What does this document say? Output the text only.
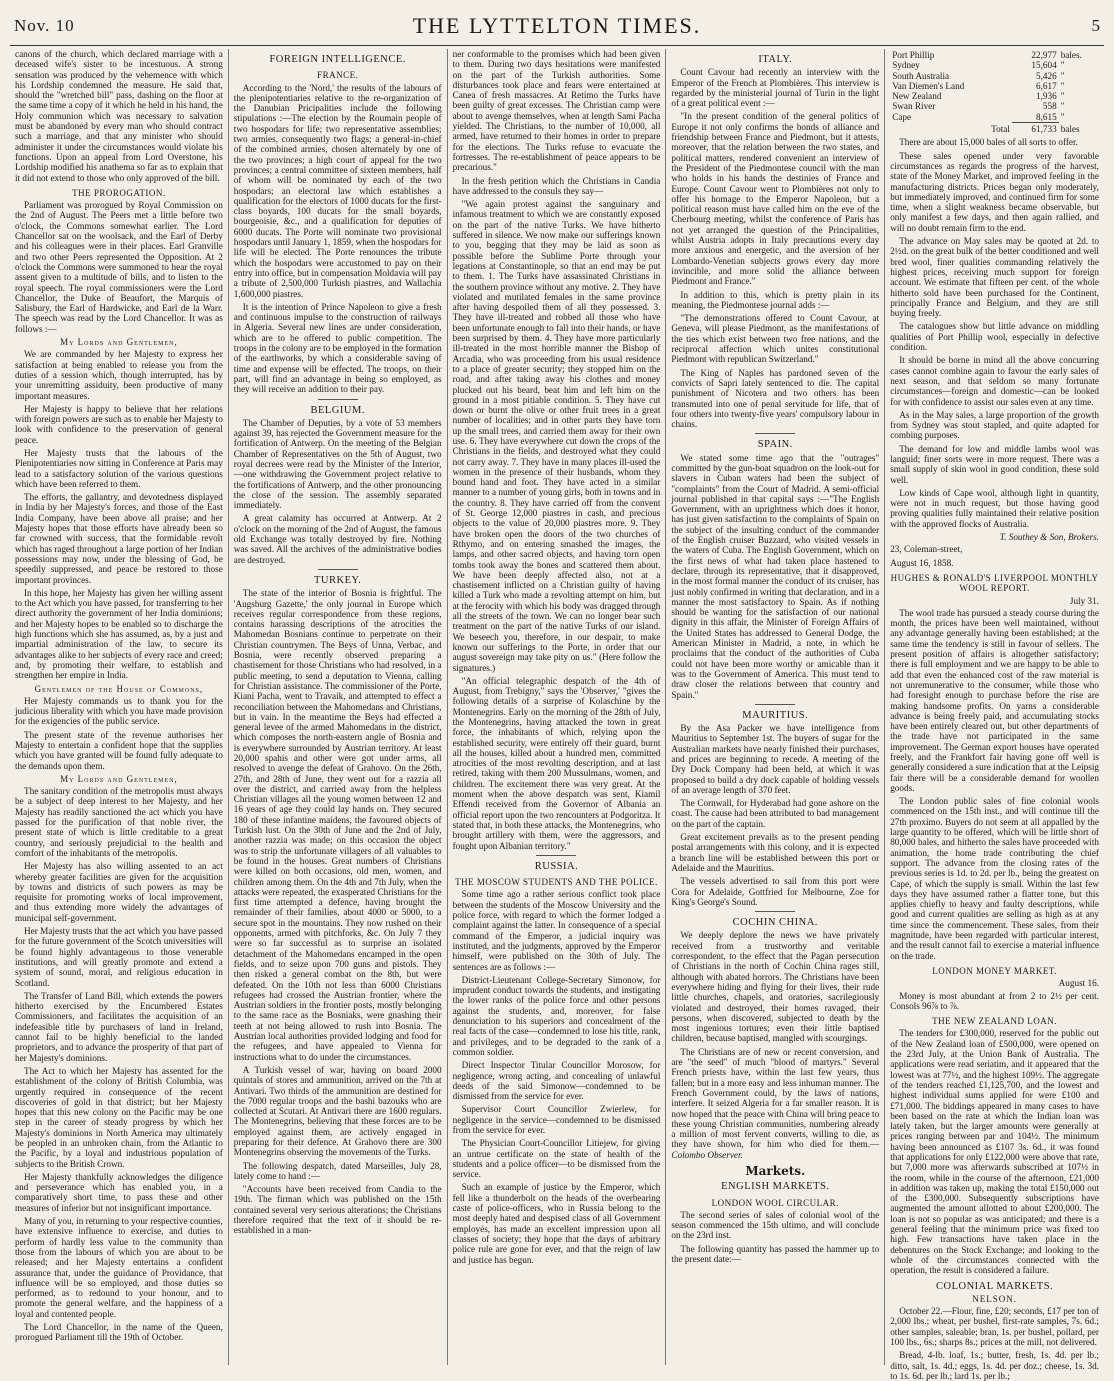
Nov. 10	THE LYTTELTON TIMES.	5

canons of the church, which declared marriage with a deceased wife's sister to be incestuous. A strong sensation was produced by the vehemence with which his Lordship condemned the measure. He said that, should the "wretched bill" pass, dashing on the floor at the same time a copy of it which he held in his hand, the Holy communion which was necessary to salvation must be abandoned by every man who should contract such a marriage, and that any minister who should administer it under the circumstances would violate his functions. Upon an appeal from Lord Overstone, his Lordship modified his anathema so far as to explain that it did not extend to those who only approved of the bill.

THE PROROGATION.

Parliament was prorogued by Royal Commission on the 2nd of August. The Peers met a little before two o'clock, the Commons somewhat earlier. The Lord Chancellor sat on the woolsack, and the Earl of Derby and his colleagues were in their places. Earl Granville and two other Peers represented the Opposition. At 2 o'clock the Commons were summoned to hear the royal assent given to a multitude of bills, and to listen to the royal speech. The royal commissioners were the Lord Chancellor, the Duke of Beaufort, the Marquis of Salisbury, the Earl of Hardwicke, and Earl de la Warr. The speech was read by the Lord Chancellor. It was as follows :—

My Lords and Gentlemen,

We are commanded by her Majesty to express her satisfaction at being enabled to release you from the duties of a session which, though interrupted, has by your unremitting assiduity, been productive of many important measures.

Her Majesty is happy to believe that her relations with foreign powers are such as to enable her Majesty to look with confidence to the preservation of general peace.

Her Majesty trusts that the labours of the Plenipotentiaries now sitting in Conference at Paris may lead to a satisfactory solution of the various questions which have been referred to them.

The efforts, the gallantry, and devotedness displayed in India by her Majesty's forces, and those of the East India Company, have been above all praise; and her Majesty hopes that those efforts have already been so far crowned with success, that the formidable revolt which has raged throughout a large portion of her Indian possessions may now, under the blessing of God, be speedily suppressed, and peace be restored to those important provinces.

In this hope, her Majesty has given her willing assent to the Act which you have passed, for transferring to her direct authority the government of her India dominions; and her Majesty hopes to be enabled so to discharge the high functions which she has assumed, as, by a just and impartial administration of the law, to secure its advantages alike to her subjects of every race and creed; and, by promoting their welfare, to establish and strengthen her empire in India.

Gentlemen of the House of Commons,

Her Majesty commands us to thank you for the judicious liberality with which you have made provision for the exigencies of the public service.

The present state of the revenue authorises her Majesty to entertain a confident hope that the supplies which you have granted will be found fully adequate to the demands upon them.

My Lords and Gentlemen,

The sanitary condition of the metropolis must always be a subject of deep interest to her Majesty, and her Majesty has readily sanctioned the act which you have passed for the purification of that noble river, the present state of which is little creditable to a great country, and seriously prejudicial to the health and comfort of the inhabitants of the metropolis.

Her Majesty has also willing assented to an act whereby greater facilities are given for the acquisition by towns and districts of such powers as may be requisite for promoting works of local improvement, and thus extending more widely the advantages of municipal self-government.

Her Majesty trusts that the act which you have passed for the future government of the Scotch universities will be found highly advantageous to those venerable institutions, and will greatly promote and extend a system of sound, moral, and religious education in Scotland.

The Transfer of Land Bill, which extends the powers hitherto exercised by the Encumbered Estates Commissioners, and facilitates the acquisition of an indefeasible title by purchasers of land in Ireland, cannot fail to be highly beneficial to the landed proprietors, and to advance the prosperity of that part of her Majesty's dominions.

The Act to which her Majesty has assented for the establishment of the colony of British Columbia, was urgently required in consequence of the recent discoveries of gold in that district; but her Majesty hopes that this new colony on the Pacific may be one step in the career of steady progress by which her Majesty's dominions in North America may ultimately be peopled in an unbroken chain, from the Atlantic to the Pacific, by a loyal and industrious population of subjects to the British Crown.

Her Majesty thankfully acknowledges the diligence and perseverance which has enabled you, in a comparatively short time, to pass these and other measures of inferior but not insignificant importance.

Many of you, in returning to your respective counties, have extensive influence to exercise, and duties to perform of hardly less value to the community than those from the labours of which you are about to be released; and her Majesty entertains a confident assurance that, under the guidance of Providance, that influence will be so employed, and those duties so performed, as to redound to your honour, and to promote the general welfare, and the happiness of a loyal and contented people.

The Lord Chancellor, in the name of the Queen, prorogued Parliament till the 19th of October.

FOREIGN INTELLIGENCE.
FRANCE.

According to the 'Nord,' the results of the labours of the plenipotentiaries relative to the re-organization of the Danubian Pricipalities include the following stipulations :—The election by the Roumain people of two hospodars for life; two representative assemblies; two armies, consequently two flags; a general-in-chief of the combined armies, chosen alternately by one of the two provinces; a high court of appeal for the two provinces; a central committee of sixteen members, half of whom will be nominated by each of the two hospodars; an electoral law which establishes a qualification for the electors of 1000 ducats for the first-class boyards, 100 ducats for the small boyards, bourgeoisie, &c., and a qualification for deputies of 6000 ducats. The Porte will nominate two provisional hospodars until January 1, 1859, when the hospodars for life will be elected. The Porte renounces the tribute which the hospodars were accustomed to pay on their entry into office, but in compensation Moldavia will pay a tribute of 2,500,000 Turkish piastres, and Wallachia 1,600,000 piastres.

It is the intention of Prince Napoleon to give a fresh and continuous impulse to the construction of railways in Algeria. Several new lines are under consideration, which are to be offered to public competition. The troops in the colony are to be employed in the formation of the earthworks, by which a considerable saving of time and expense will be effected. The troops, on their part, will find an advantage in being so employed, as they will receive an addition to their pay.

BELGIUM.

The Chamber of Deputies, by a vote of 53 members against 39, has rejected the Government measure for the fortification of Antwerp. On the meeting of the Belgian Chamber of Representatives on the 5th of August, two royal decrees were read by the Minister of the Interior,—one withdrawing the Government project relative to the fortifications of Antwerp, and the other pronouncing the close of the session. The assembly separated immediately.

A great calamity has occurred at Antwerp. At 2 o'clock on the morning of the 2nd of August, the famous old Exchange was totally destroyed by fire. Nothing was saved. All the archives of the administrative bodies are destroyed.

TURKEY.

The state of the interior of Bosnia is frightful. The 'Augsburg Gazette,' the only journal in Europe which receives regular correspondence from these regions, contains harassing descriptions of the atrocities the Mahomedan Bosnians continue to perpetrate on their Christian countrymen. The Beys of Unna, Verbac, and Bosnia, were recently observed preparing a chastisement for those Christians who had resolved, in a public meeting, to send a deputation to Vienna, calling for Christian assistance. The commissioner of the Porte, Kiani Pacha, went to Travaik, and attempted to effect a reconciliation between the Mahomedans and Christians, but in vain. In the meantime the Beys had effected a general levee of the armed Mahomedans in the district, which composes the north-eastern angle of Bosnia and is everywhere surrounded by Austrian territory. At least 20,000 spahis and other were got under arms, all resolved to avenge the defeat of Grahovo. On the 26th, 27th, and 28th of June, they went out for a razzia all over the district, and carried away from the helpless Christian villages all the young women between 12 and 16 years of age they could lay hands on. They secured 180 of these infantine maidens, the favoured objects of Turkish lust. On the 30th of June and the 2nd of July, another razzia was made; on this occasion the object was to strip the unfortunate villagers of all valuables to be found in the houses. Great numbers of Christians were killed on both occasions, old men, women, and children among them. On the 4th and 7th July, when the attacks were repeated, the exasperated Christians for the first time attempted a defence, having brought the remainder of their families, about 4000 or 5000, to a secure spot in the mountains. They now rushed on their opponents, armed with pitchforks, &c. On July 7 they were so far successful as to surprise an isolated detachment of the Mahomedans encamped in the open fields, and to seize upon 700 guns and pistols. They then risked a general combat on the 8th, but were defeated. On the 10th not less than 6000 Christians refugees had crossed the Austrian frontier, where the Austrian soldiers in the frontier posts, mostly belonging to the same race as the Bosniaks, were gnashing their teeth at not being allowed to rush into Bosnia. The Austrian local authorities provided lodging and food for the refugees, and have appealed to Vienna for instructions what to do under the circumstances.

A Turkish vessel of war, having on board 2000 quintals of stores and ammunition, arrived on the 7th at Antivari. Two thirds of the ammunition are destined for the 7000 regular troops and the bashi bazouks who are collected at Scutari. At Antivari there are 1600 regulars. The Montenegrins, believing that these forces are to be employed against them, are actively engaged in preparing for their defence. At Grahovo there are 300 Montenegrins observing the movements of the Turks.

The following despatch, dated Marseilles, July 28, lately come to hand :—

"Accounts have been received from Candia to the 19th. The firman which was published on the 15th contained several very serious alterations; the Christians therefore required that the text of it should be re-established in a man-

ner conformable to the promises which had been given to them. During two days hesitations were manifested on the part of the Turkish authorities. Some disturbances took place and fears were entertained at Canea of fresh massacres. At Retimo the Turks have been guilty of great excesses. The Christian camp were about to avenge themselves, when at length Sami Pacha yielded. The Christians, to the number of 10,000, all armed, have returned to their homes in order to prepare for the elections. The Turks refuse to evacuate the fortresses. The re-establishment of peace appears to be precarious."

In the fresh petition which the Christians in Candia have addressed to the consuls they say—

"We again protest against the sanguinary and infamous treatment to which we are constantly exposed on the part of the native Turks. We have hitherto suffered in silence. We now make our sufferings known to you, begging that they may be laid as soon as possible before the Sublime Porte through your legations at Constantinople, so that an end may be put to them. 1. The Turks have assassinated Christians in the southern province without any motive. 2. They have violated and mutilated females in the same province after having despoiled them of all they possessed. 3. They have ill-treated and robbed all those who have been unfortunate enough to fall into their hands, or have been surprised by them. 4. They have more particularly ill-treated in the most horrible manner the Bishop of Arcadia, who was proceeding from his usual residence to a place of greater security; they stopped him on the road, and after taking away his clothes and money plucked out his beard, beat him and left him on the ground in a most pitiable condition. 5. They have cut down or burnt the olive or other fruit trees in a great number of localities; and in other parts they have torn up the small trees, and carried them away for their own use. 6. They have everywhere cut down the crops of the Christians in the fields, and destroyed what they could not carry away. 7. They have in many places ill-used the women in the presence of their husbands, whom they bound hand and foot. They have acted in a similar manner to a number of young girls, both in towns and in the country. 8. They have carried off from the convent of St. George 12,000 piastres in cash, and precious objects to the value of 20,000 piastres more. 9. They have broken open the doors of the two churches of Rthymo, and on entering smashed the images, the lamps, and other sacred objects, and having torn open tombs took away the bones and scattered them about. We have been deeply affected also, not at a chastisement inflicted on a Christian guilty of having killed a Turk who made a revolting attempt on him, but at the ferocity with which his body was dragged through all the streets of the town. We can no longer bear such treatment on the part of the native Turks of our island. We beseech you, therefore, in our despair, to make known our sufferings to the Porte, in order that our august sovereign may take pity on us." (Here follow the signatures.)

"An official telegraphic despatch of the 4th of August, from Trebigny," says the 'Observer,' "gives the following details of a surprise of Kolaschine by the Montenegrins. Early on the morning of the 28th of July, the Montenegrins, having attacked the town in great force, the inhabitants of which, relying upon the established security, were entirely off their guard, burnt all the houses, killed about a hundred men, committed atrocities of the most revolting description, and at last retired, taking with them 200 Mussulmans, women, and children. The excitement there was very great. At the moment when the above despatch was sent, Kiamil Effendi received from the Governor of Albania an official report upon the two rencounters at Podgoritza. It stated that, in both these attacks, the Montenegrins, who brought artillery with them, were the aggressors, and fought upon Albanian territory."

RUSSIA.
THE MOSCOW STUDENTS AND THE POLICE.

Some time ago a rather serious conflict took place between the students of the Moscow University and the police force, with regard to which the former lodged a complaint against the latter. In consequence of a special command of the Emperor, a judicial inquiry was instituted, and the judgments, approved by the Emperor himself, were published on the 30th of July. The sentences are as follows :—

District-Lieutenant College-Secretary Simonow, for imprudent conduct towards the students, and instigating the lower ranks of the police force and other persons against the students, and, moreover, for false denunciation to his superiors and concealment of the real facts of the case—condemned to lose his title, rank, and privileges, and to be degraded to the rank of a common soldier.

Direct Inspector Titular Councillor Morosow, for negligence, wrong acting, and concealing of unlawful deeds of the said Simonow—condemned to be dismissed from the service for ever.

Supervisor Court Councillor Zwierlew, for negligence in the service—condemned to be dismissed from the service for ever.

The Physician Court-Councillor Litiejew, for giving an untrue certificate on the state of health of the students and a police officer—to be dismissed from the service.

Such an example of justice by the Emperor, which fell like a thunderbolt on the heads of the overbearing caste of police-officers, who in Russia belong to the most deeply hated and despised class of all Government employés, has made an excellent impression upon all classes of society; they hope that the days of arbitrary police rule are gone for ever, and that the reign of law and justice has begun.

ITALY.

Count Cavour had recently an interview with the Emperor of the French at Plombières. This interview is regarded by the ministerial journal of Turin in the light of a great political event :—

"In the present condition of the general politics of Europe it not only confirms the bonds of alliance and friendship between France and Piedmont, but it attests, moreover, that the relation between the two states, and political matters, rendered convenient an interview of the President of the Piedmontese council with the man who holds in his hands the destinies of France and Europe. Count Cavour went to Plombières not only to offer his homage to the Emperor Napoleon, but a political reason must have called him on the eve of the Cherbourg meeting, whilst the conference of Paris has not yet arranged the question of the Principalities, whilst Austria adopts in Italy precautions every day more anxious and energetic, and the aversion of her Lombardo-Venetian subjects grows every day more invincible, and more solid the alliance between Piedmont and France."

In addition to this, which is pretty plain in its meaning, the Piedmontese journal adds :—

"The demonstrations offered to Count Cavour, at Geneva, will please Piedmont, as the manifestations of the ties which exist between two free nations, and the reciprocal affection which unites constitutional Piedmont with republican Switzerland."

The King of Naples has pardoned seven of the convicts of Sapri lately sentenced to die. The capital punishment of Nicotera and two others has been transmuted into one of penal servitude for life, that of four others into twenty-five years' compulsory labour in chains.

SPAIN.

We stated some time ago that the "outrages" committed by the gun-boat squadron on the look-out for slavers in Cuban waters had been the subject of "complaints" from the Court of Madrid. A semi-official journal published in that capital says :—"The English Government, with an uprightness which does it honor, has just given satisfaction to the complaints of Spain on the subject of the insulting conduct of the commander of the English cruiser Buzzard, who visited vessels in the waters of Cuba. The English Government, which on the first news of what had taken place hastened to declare, through its representative, that it disapproved, in the most formal manner the conduct of its cruiser, has just nobly confirmed in writing that declaration, and in a manner the most satisfactory to Spain. As if nothing should be wanting for the satisfaction of our national dignity in this affair, the Minister of Foreign Affairs of the United States has addressed to General Dodge, the American Minister in Madrid, a note, in which he proclaims that the conduct of the authorities of Cuba could not have been more worthy or amicable than it was to the Government of America. This must tend to draw closer the relations between that country and Spain."

MAURITIUS.

By the Asa Packer we have intelligence from Mauritius to September 1st. The buyers of sugar for the Australian markets have nearly finished their purchases, and prices are beginning to recede. A meeting of the Dry Dock Company had been held, at which it was proposed to build a dry dock capable of holding vessels of an average length of 370 feet.

The Cornwall, for Hyderabad had gone ashore on the coast. The cause had been attributed to bad management on the part of the captain.

Great excitement prevails as to the present pending postal arrangements with this colony, and it is expected a branch line will be established between this port or Adelaide and the Mauritius.

The vessels advertised to sail from this port were Cora for Adelaide, Gottfried for Melbourne, Zoe for King's George's Sound.

COCHIN CHINA.

We deeply deplore the news we have privately received from a trustworthy and veritable correspondent, to the effect that the Pagan persecution of Christians in the north of Cochin China rages still, although with abated horrors. The Christians have been everywhere hiding and flying for their lives, their rude little churches, chapels, and oratories, sacrilegiously violated and destroyed, their homes ravaged, their persons, when discovered, subjected to death by the most ingenious tortures; even their little baptised children, because baptised, mangled with scourgings.

The Christians are of new or recent conversion, and are "the seed" of much "blood of martyrs." Several French priests have, within the last few years, thus fallen; but in a more easy and less inhuman manner. The French Government could, by the laws of nations, interfere. It seized Algeria for a far smaller reason. It is now hoped that the peace with China will bring peace to these young Christian communities, numbering already a million of most fervent converts, willing to die, as they have shown, for him who died for them.—Colombo Observer.

Markets.
ENGLISH MARKETS.
LONDON WOOL CIRCULAR.

The second series of sales of colonial wool of the season commenced the 15th ultimo, and will conclude on the 23rd inst.

The following quantity has passed the hammer up to the present date:—

Port Phillip	22,977	bales.
Sydney	15,604	"
South Australia	5,426	"
Van Diemen's Land	6,617	"
New Zealand	1,936	"
Swan River	558	"
Cape	8,615	"
Total	61,733	bales

There are about 15,000 bales of all sorts to offer.

These sales opened under very favorable circumstances as regards the progress of the harvest, state of the Money Market, and improved feeling in the manufacturing districts. Prices began only moderately, but immediately improved, and continued firm for some time, when a slight weakness became observable, but only manifest a few days, and then again rallied, and will no doubt remain firm to the end.

The advance on May sales may be quoted at 2d. to 2½d. on the great bulk of the better conditioned and well bred wool, finer qualities commanding relatively the highest prices, receiving much support for foreign account. We estimate that fifteen per cent. of the whole hitherto sold have been purchased for the Continent, principally France and Belgium, and they are still buying freely.

The catalogues show but little advance on middling qualities of Port Phillip wool, especially in defective condition.

It should be borne in mind all the above concurring cases cannot combine again to favour the early sales of next season, and that seldom so many fortunate circumstances—foreign and domestic—can be looked for with confidence to assist our sales even at any time.

As in the May sales, a large proportion of the growth from Sydney was stout stapled, and quite adapted for combing purposes.

The demand for low and middle lambs wool was languid; finer sorts were in more request. There was a small supply of skin wool in good condition, these sold well.

Low kinds of Cape wool, although light in quantity, were not in much request, but those having good proving qualities fully maintained their relative position with the approved flocks of Australia.

T. Southey & Son, Brokers.

23, Coleman-street,

August 16, 1858.

HUGHES & RONALD'S LIVERPOOL MONTHLY WOOL REPORT.

July 31.

The wool trade has pursued a steady course during the month, the prices have been well maintained, without any advantage generally having been established; at the same time the tendency is still in favour of sellers. The present position of affairs is altogether satisfactory; there is full employment and we are happy to be able to add that even the enhanced cost of the raw material is not unremunerative to the consumer, while those who had foresight enough to purchase before the rise are making handsome profits. On yarns a considerable advance is being freely paid, and accumulating stocks have been entirely cleared out, but other departments of the trade have not participated in the same improvement. The German export houses have operated freely, and the Frankfort fair having gone off well is generally considered a sure indication that at the Leipsig fair there will be a considerable demand for woollen goods.

The London public sales of fine colonial wools commenced on the 15th inst., and will continue till the 27th proximo. Buyers do not seem at all appalled by the large quantity to be offered, which will be little short of 80,000 bales, and hitherto the sales have proceeded with animation, the home trade contributing the chief support. The advance from the closing rates of the previous series is 1d. to 2d. per lb., being the greatest on Cape, of which the supply is small. Within the last few days they have assumed rather a flatter tone, but this applies chiefly to heavy and faulty descriptions, while good and current qualities are selling as high as at any time since the commencement. These sales, from their magnitude, have been regarded with particular interest, and the result cannot fail to exercise a material influence on the trade.

LONDON MONEY MARKET.

August 16.

Money is most abundant at from 2 to 2½ per cent. Consols 96⅞ to ⅞.

THE NEW ZEALAND LOAN.

The tenders for £300,000, reserved for the public out of the New Zealand loan of £500,000, were opened on the 23rd July, at the Union Bank of Australia. The applications were read seriatim, and it appeared that the lowest was at 77½, and the highest 109½. The aggregate of the tenders reached £1,125,700, and the lowest and highest individual sums applied for were £100 and £71,000. The biddings appeared in many cases to have been based on the rate at which the Indian loan was lately taken, but the larger amounts were generally at prices ranging between par and 104½. The minimum having been announced as £107 3s. 6d., it was found that applications for only £122,000 were above that rate, but 7,000 more was afterwards subscribed at 107½ in the room, while in the course of the afternoon, £21,000 in addition was taken up, making the total £150,000 out of the £300,000. Subsequently subscriptions have augmented the amount allotted to about £200,000. The loan is not so popular as was anticipated; and there is a general feeling that the minimum price was fixed too high. Few transactions have taken place in the debentures on the Stock Exchange; and looking to the whole of the circumstances connected with the operation, the result is considered a failure.

COLONIAL MARKETS.
NELSON.

October 22.—Flour, fine, £20; seconds, £17 per ton of 2,000 lbs.; wheat, per bushel, first-rate samples, 7s. 6d.; other samples, saleable; bran, 1s. per bushel, pollard, per 100 lbs., 6s.; sharps 8s.; prices at the mill, not delivered.

Bread, 4-lb. loaf, 1s.; butter, fresh, 1s. 4d. per lb.; ditto, salt, 1s. 4d.; eggs, 1s. 4d. per doz.; cheese, 1s. 3d. to 1s. 6d. per lb.; lard 1s. per lb.;
